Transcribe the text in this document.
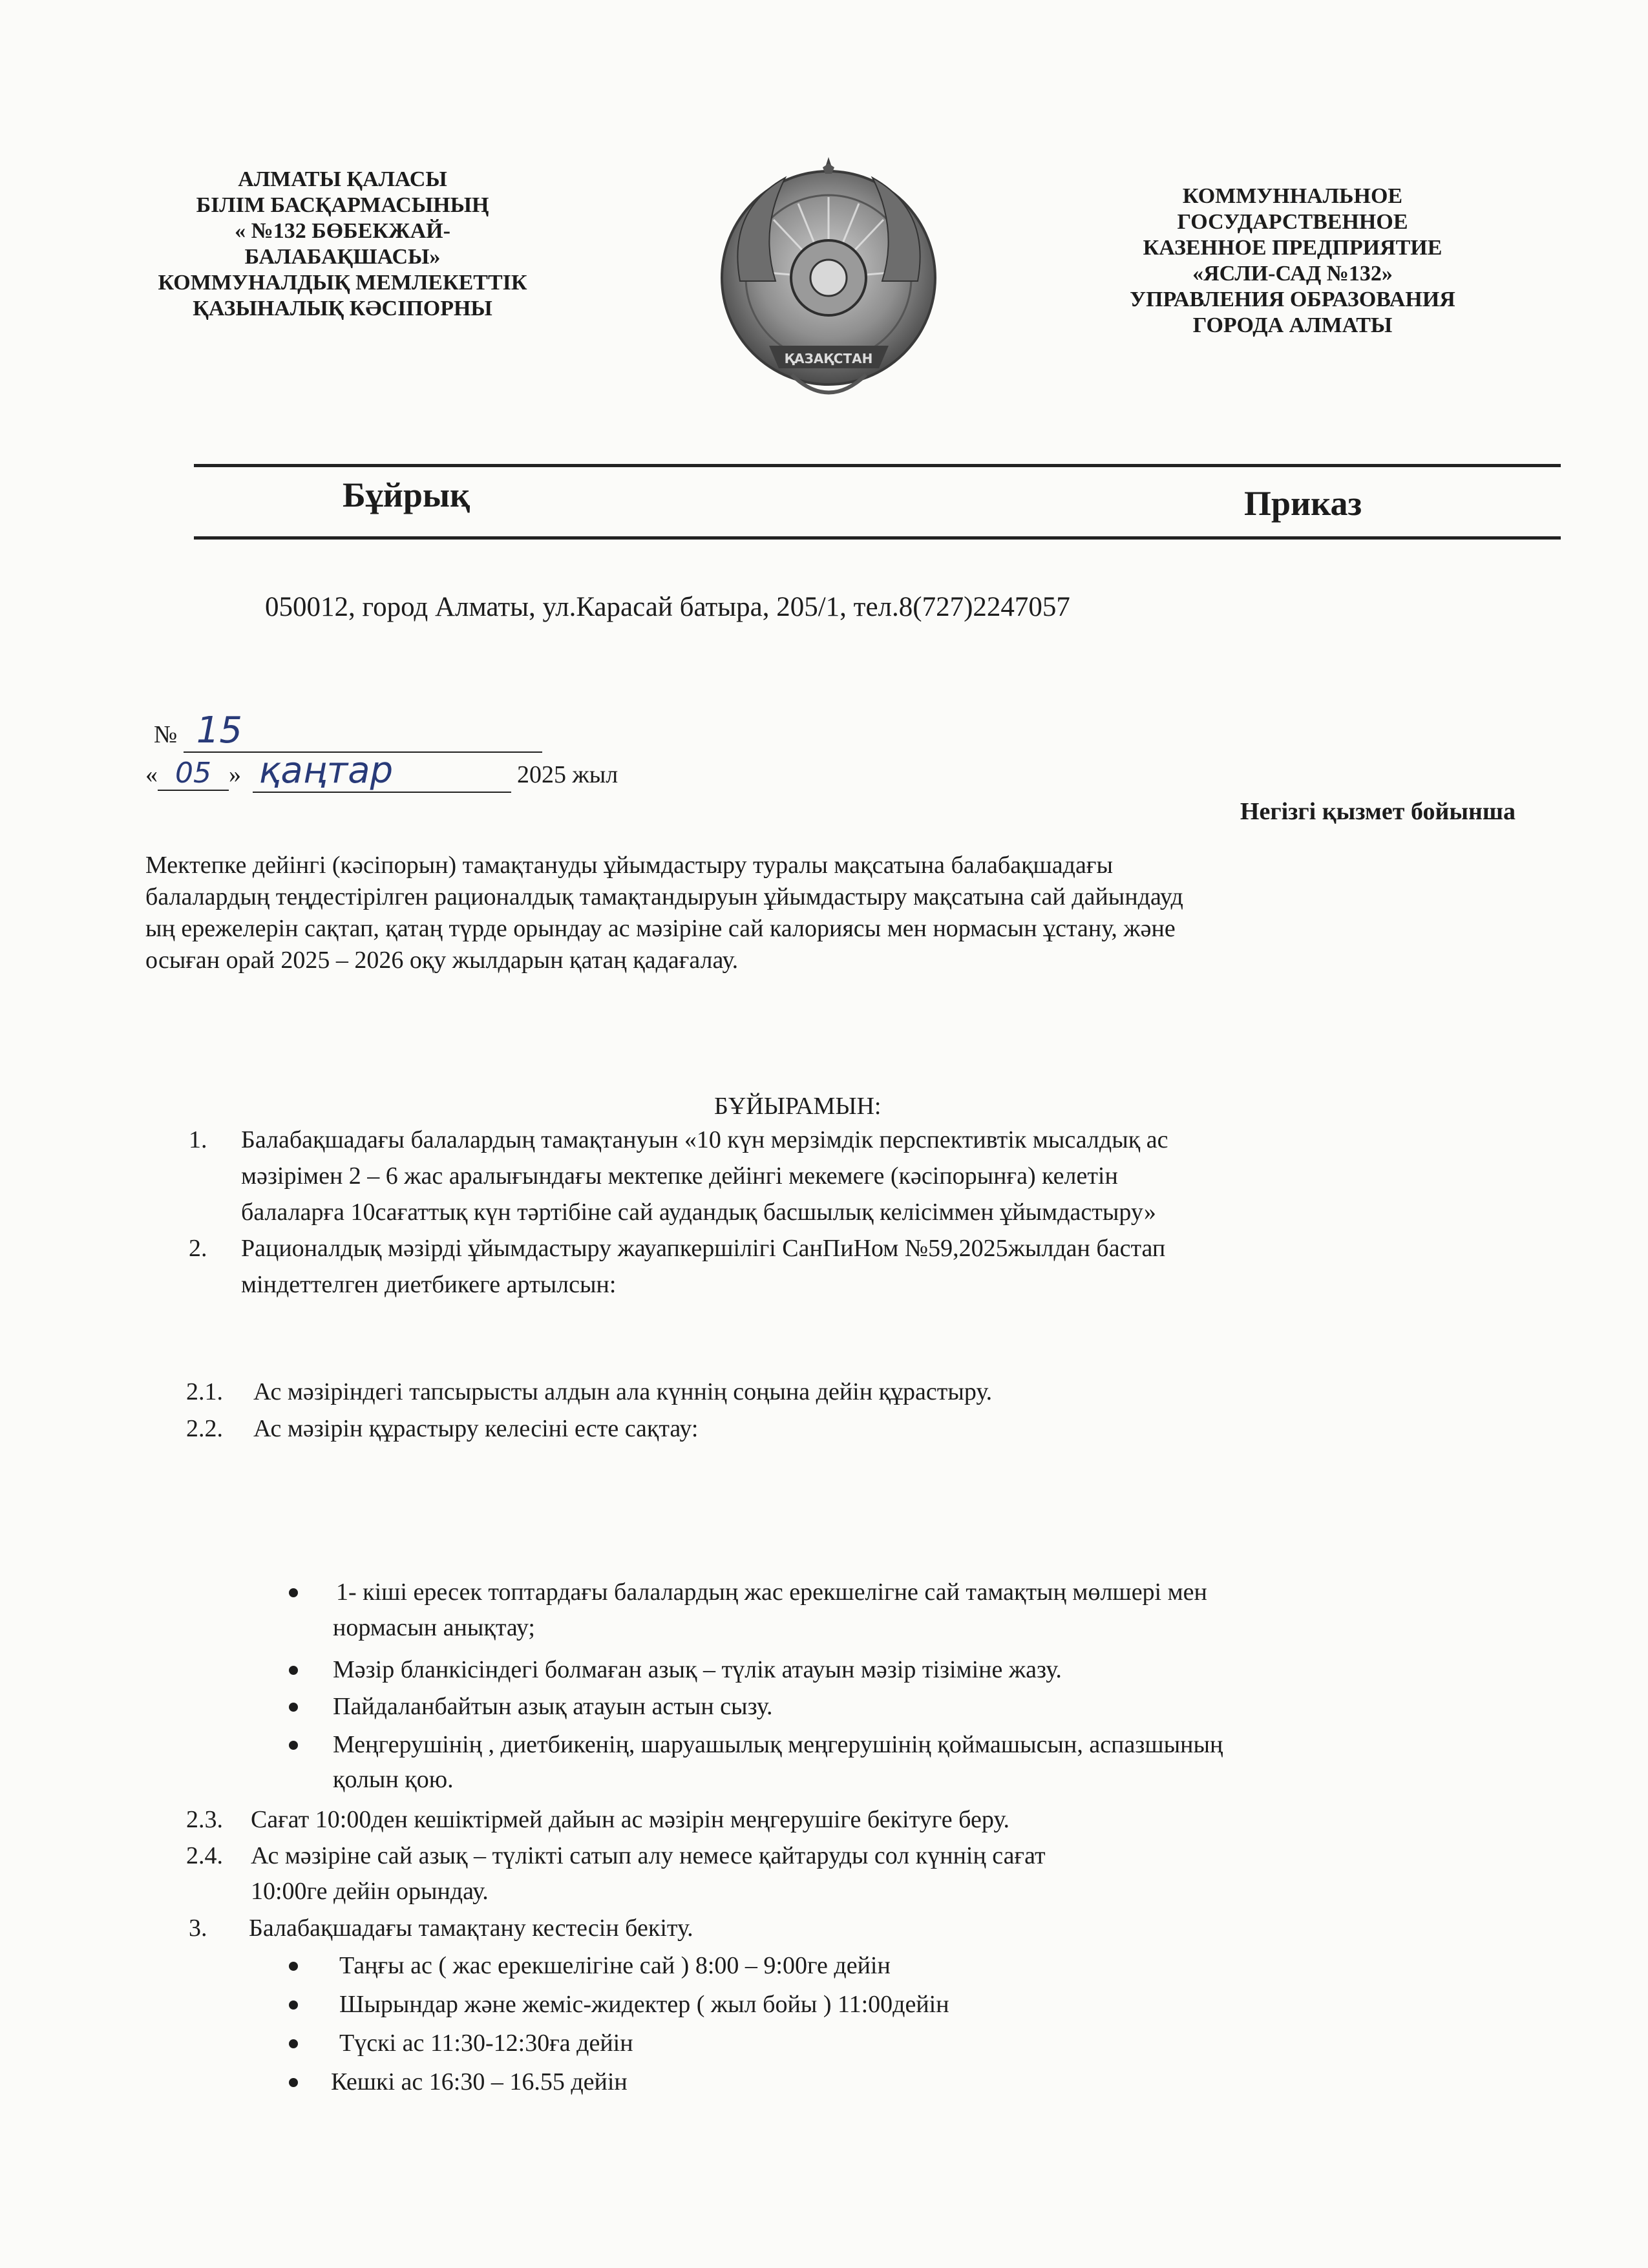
АЛМАТЫ ҚАЛАСЫ
БІЛІМ БАСҚАРМАСЫНЫҢ
« №132 БӨБЕКЖАЙ-
БАЛАБАҚШАСЫ»
КОММУНАЛДЫҚ МЕМЛЕКЕТТІК
ҚАЗЫНАЛЫҚ КӘСІПОРНЫ
ҚАЗАҚСТАН
КОММУННАЛЬНОЕ
ГОСУДАРСТВЕННОЕ
КАЗЕННОЕ ПРЕДПРИЯТИЕ
«ЯСЛИ-САД №132»
УПРАВЛЕНИЯ ОБРАЗОВАНИЯ
ГОРОДА АЛМАТЫ
Бұйрық	Приказ
050012, город Алматы, ул.Карасай батыра, 205/1, тел.8(727)2247057
№ 15
« 05 » қаңтар	2025 жыл
Негізгі қызмет бойынша
Мектепке дейінгі (кәсіпорын) тамақтануды ұйымдастыру туралы мақсатына балабақшадағы
балалардың теңдестірілген рационалдық тамақтандыруын ұйымдастыру мақсатына сай дайындауд
ың ережелерін сақтап, қатаң түрде орындау ас мәзіріне сай калориясы мен нормасын ұстану, және
осыған орай 2025 – 2026 оқу жылдарын қатаң қадағалау.
БҰЙЫРАМЫН:
1. Балабақшадағы балалардың тамақтануын «10 күн мерзімдік перспективтік мысалдық ас
мәзірімен 2 – 6 жас аралығындағы мектепке дейінгі мекемеге (кәсіпорынға) келетін
балаларға 10сағаттық күн тәртібіне сай аудандық басшылық келісіммен ұйымдастыру»
2. Рационалдық мәзірді ұйымдастыру жауапкершілігі СанПиНом №59,2025жылдан бастап
міндеттелген диетбикеге артылсын:
2.1. Ас мәзіріндегі тапсырысты алдын ала күннің соңына дейін құрастыру.
2.2. Ас мәзірін құрастыру келесіні есте сақтау:
1- кіші ересек топтардағы балалардың жас ерекшелігне сай тамақтың мөлшері мен
нормасын анықтау;
Мәзір бланкісіндегі болмаған азық – түлік атауын мәзір тізіміне жазу.
Пайдаланбайтын азық атауын астын сызу.
Меңгерушінің , диетбикенің, шаруашылық меңгерушінің қоймашысын, аспазшының
қолын қою.
2.3. Сағат 10:00ден кешіктірмей дайын ас мәзірін меңгерушіге бекітуге беру.
2.4. Ас мәзіріне сай азық – түлікті сатып алу немесе қайтаруды сол күннің сағат
10:00ге дейін орындау.
3. Балабақшадағы тамақтану кестесін бекіту.
Таңғы ас ( жас ерекшелігіне сай ) 8:00 – 9:00ге дейін
Шырындар және жеміс-жидектер ( жыл бойы ) 11:00дейін
Түскі ас 11:30-12:30ға дейін
Кешкі ас 16:30 – 16.55 дейін
